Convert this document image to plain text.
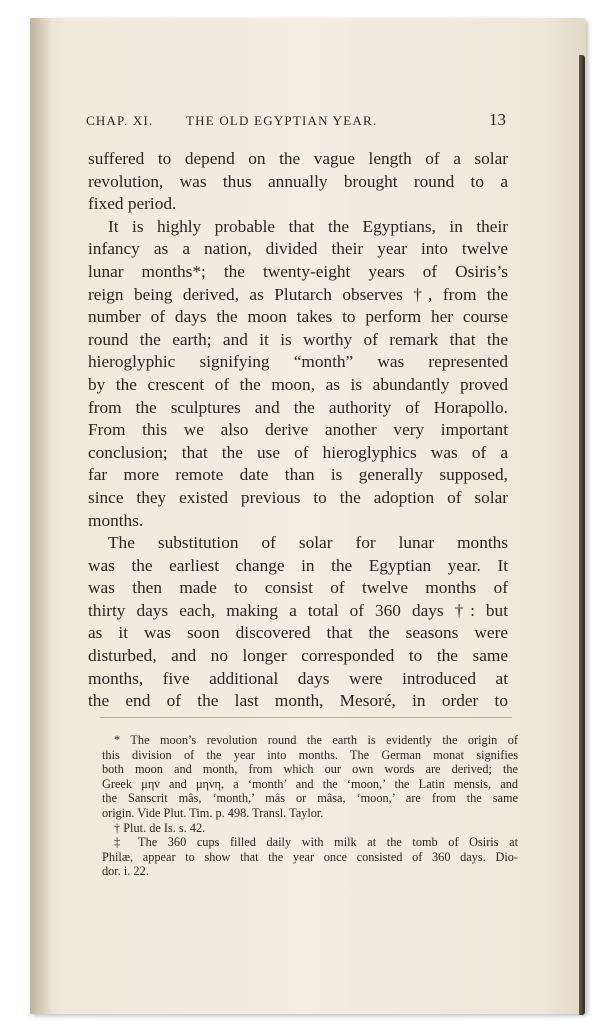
CHAP. XI. THE OLD EGYPTIAN YEAR.	13
suffered to depend on the vague length of a solar
revolution, was thus annually brought round to a
fixed period.
It is highly probable that the Egyptians, in their
infancy as a nation, divided their year into twelve
lunar months*; the twenty-eight years of Osiris’s
reign being derived, as Plutarch observes †, from the
number of days the moon takes to perform her course
round the earth; and it is worthy of remark that the
hieroglyphic signifying “month” was represented
by the crescent of the moon, as is abundantly proved
from the sculptures and the authority of Horapollo.
From this we also derive another very important
conclusion; that the use of hieroglyphics was of a
far more remote date than is generally supposed,
since they existed previous to the adoption of solar
months.
The substitution of solar for lunar months
was the earliest change in the Egyptian year. It
was then made to consist of twelve months of
thirty days each, making a total of 360 days †: but
as it was soon discovered that the seasons were
disturbed, and no longer corresponded to the same
months, five additional days were introduced at
the end of the last month, Mesoré, in order to
* The moon’s revolution round the earth is evidently the origin of
this division of the year into months. The German monat signifies
both moon and month, from which our own words are derived; the
Greek μην and μηνη, a ‘month’ and the ‘moon,’ the Latin mensis, and
the Sanscrit mâs, ‘month,’ mâs or mâsa, ‘moon,’ are from the same
origin. Vide Plut. Tim. p. 498. Transl. Taylor.
† Plut. de Is. s. 42.
‡ The 360 cups filled daily with milk at the tomb of Osiris at
Philæ, appear to show that the year once consisted of 360 days. Dio-
dor. i. 22.
